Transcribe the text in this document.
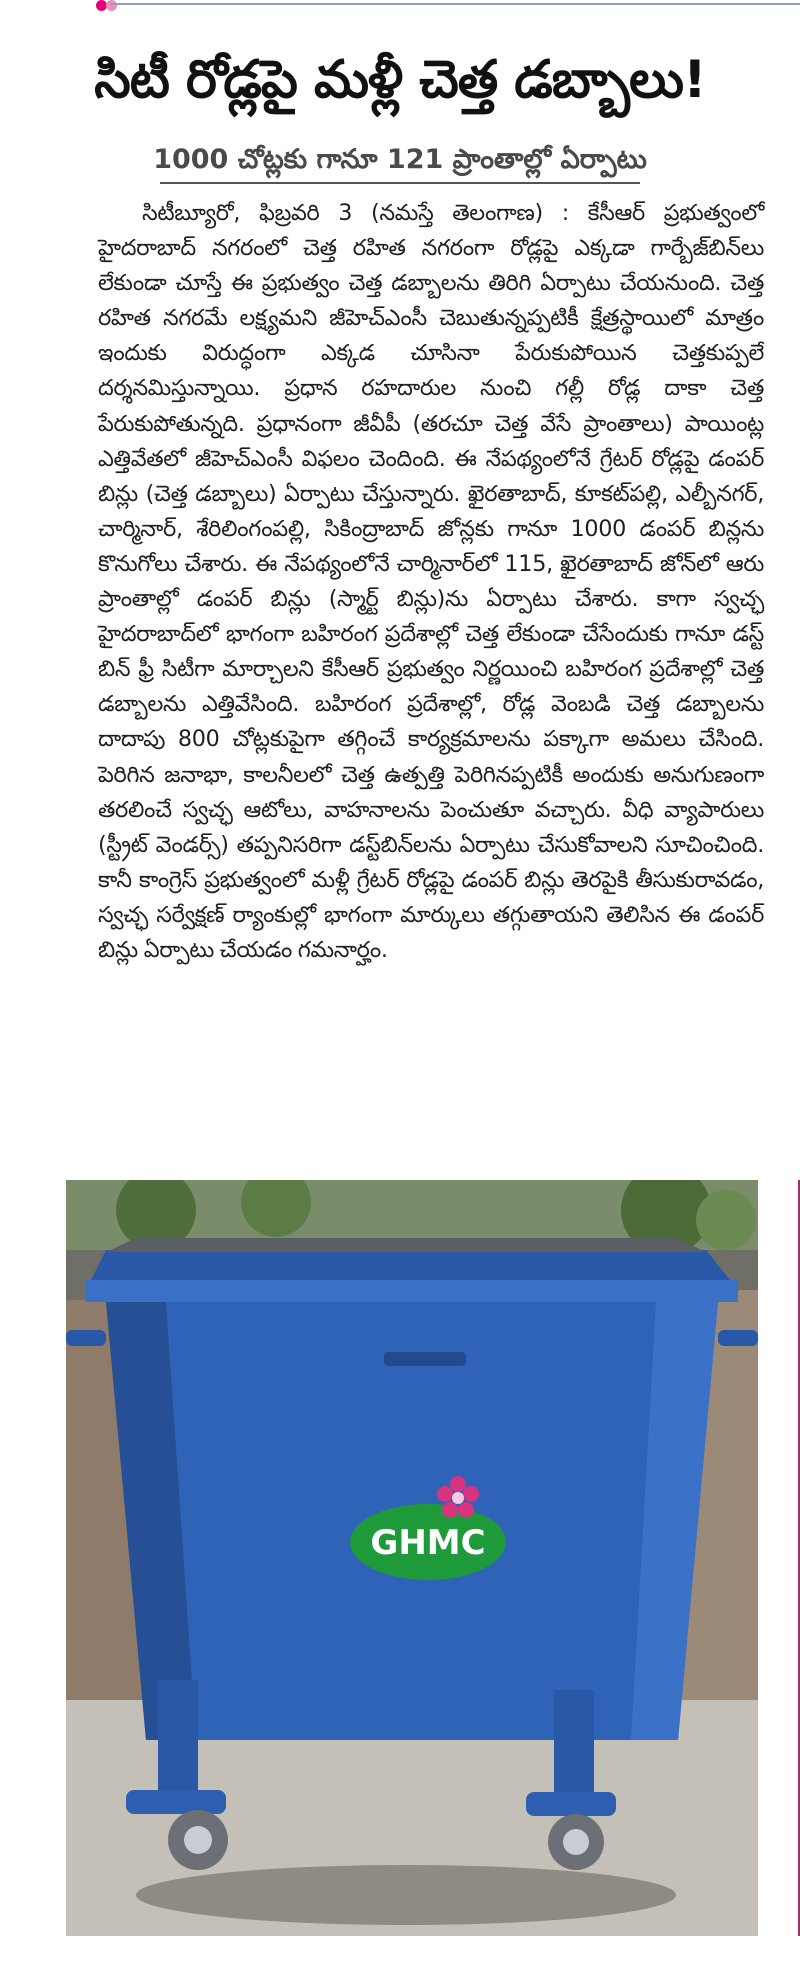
సిటీ రోడ్లపై మళ్లీ చెత్త డబ్బాలు!
1000 చోట్లకు గానూ 121 ప్రాంతాల్లో ఏర్పాటు

సిటీబ్యూరో, ఫిబ్రవరి 3 (నమస్తే తెలంగాణ) : కేసీఆర్ ప్రభుత్వంలో హైదరాబాద్ నగరంలో చెత్త రహిత నగరంగా రోడ్లపై ఎక్కడా గార్బేజ్‌బిన్‌లు లేకుండా చూస్తే ఈ ప్రభుత్వం చెత్త డబ్బాలను తిరిగి ఏర్పాటు చేయనుంది. చెత్త రహిత నగరమే లక్ష్యమని జీహెచ్‌ఎంసీ చెబుతున్నప్పటికీ క్షేత్రస్థాయిలో మాత్రం ఇందుకు విరుద్ధంగా ఎక్కడ చూసినా పేరుకుపోయిన చెత్తకుప్పలే దర్శనమిస్తున్నాయి. ప్రధాన రహదారుల నుంచి గల్లీ రోడ్ల దాకా చెత్త పేరుకుపోతున్నది. ప్రధానంగా జీవీపీ (తరచూ చెత్త వేసే ప్రాంతాలు) పాయింట్ల ఎత్తివేతలో జీహెచ్‌ఎంసీ విఫలం చెందింది. ఈ నేపథ్యంలోనే గ్రేటర్ రోడ్లపై డంపర్ బిన్లు (చెత్త డబ్బాలు) ఏర్పాటు చేస్తున్నారు. ఖైరతాబాద్, కూకట్‌పల్లి, ఎల్బీనగర్, చార్మినార్, శేరిలింగంపల్లి, సికింద్రాబాద్ జోన్లకు గానూ 1000 డంపర్ బిన్లను కొనుగోలు చేశారు. ఈ నేపథ్యంలోనే చార్మినార్‌లో 115, ఖైరతాబాద్ జోన్‌లో ఆరు ప్రాంతాల్లో డంపర్ బిన్లు (స్మార్ట్ బిన్లు)ను ఏర్పాటు చేశారు. కాగా స్వచ్ఛ హైదరాబాద్‌లో భాగంగా బహిరంగ ప్రదేశాల్లో చెత్త లేకుండా చేసేందుకు గానూ డస్ట్ బిన్ ఫ్రీ సిటీగా మార్చాలని కేసీఆర్ ప్రభుత్వం నిర్ణయించి బహిరంగ ప్రదేశాల్లో చెత్త డబ్బాలను ఎత్తివేసింది. బహిరంగ ప్రదేశాల్లో, రోడ్ల వెంబడి చెత్త డబ్బాలను దాదాపు 800 చోట్లకుపైగా తగ్గించే కార్యక్రమాలను పక్కాగా అమలు చేసింది. పెరిగిన జనాభా, కాలనీలలో చెత్త ఉత్పత్తి పెరిగినప్పటికీ అందుకు అనుగుణంగా తరలించే స్వచ్ఛ ఆటోలు, వాహనాలను పెంచుతూ వచ్చారు. వీధి వ్యాపారులు (స్ట్రీట్ వెండర్స్) తప్పనిసరిగా డస్ట్‌బిన్‌లను ఏర్పాటు చేసుకోవాలని సూచించింది. కానీ కాంగ్రెస్ ప్రభుత్వంలో మళ్లీ గ్రేటర్ రోడ్లపై డంపర్ బిన్లు తెరపైకి తీసుకురావడం, స్వచ్ఛ సర్వేక్షణ్ ర్యాంకుల్లో భాగంగా మార్కులు తగ్గుతాయని తెలిసిన ఈ డంపర్ బిన్లు ఏర్పాటు చేయడం గమనార్హం.

GHMC
